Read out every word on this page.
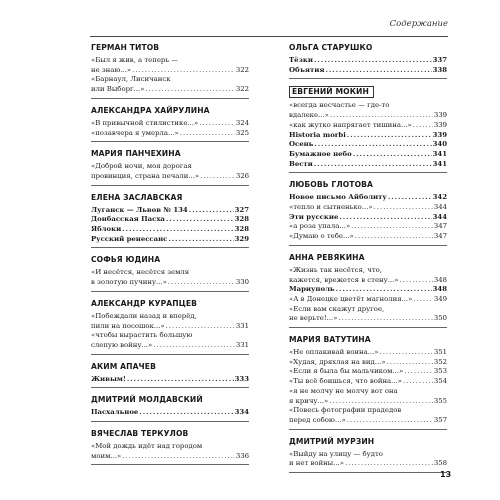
Содержание
ГЕРМАН ТИТОВ
«Был я жив, а теперь —
не знаю...» .....	322
«Барнаул, Лисичанск
или Выборг...» .....	322
АЛЕКСАНДРА ХАЙРУЛИНА
«В привычной стилистике...» .....	324
«позавчера я умерла...» .....	325
МАРИЯ ПАНЧЕХИНА
«Доброй ночи, моя дорогая
провинция, страна печали...» .....	326
ЕЛЕНА ЗАСЛАВСКАЯ
Луганск — Львов № 134 .....	327
Донбасская Пасха .....	328
Яблоки .....	328
Русский ренессанс .....	329
СОФЬЯ ЮДИНА
«И несётся, несётся земля
в золотую пучину...» .....	330
АЛЕКСАНДР КУРАПЦЕВ
«Побеждали назад и вперёд,
пили на посошок...» .....	331
«чтобы вырастить большую
слепую войну...» .....	331
АКИМ АПАЧЕВ
Живым! .....	333
ДМИТРИЙ МОЛДАВСКИЙ
Пасхальное .....	334
ВЯЧЕСЛАВ ТЕРКУЛОВ
«Мой дождь идёт над городом
моим...» .....	336
ОЛЬГА СТАРУШКО
Тёзки .....	337
Объятия .....	338
ЕВГЕНИЙ МОКИН
«всегда несчастье — где-то
вдалеке...» .....	339
«как жутко напрягает тишина...» .....	339
Historia morbi .....	339
Осень .....	340
Бумажное небо .....	341
Вести .....	341
ЛЮБОВЬ ГЛОТОВА
Новое письмо Айболиту .....	342
«тепло и сытненько...» .....	344
Эти русские .....	344
«а роза упала...» .....	347
«Думаю о тебе...» .....	347
АННА РЕВЯКИНА
«Жизнь так несётся, что,
кажется, врежется в стену...» .....	348
Мариуполь .....	348
«А в Донецке цветёт магнолия...» .....	349
«Если вам скажут другое,
не верьте!...» .....	350
МАРИЯ ВАТУТИНА
«Не оплакивай воина...» .....	351
«Худая, дряхлая на вид...» .....	352
«Если я была бы мальчиком...» .....	353
«Ты всё боишься, что война...» .....	354
«я не молчу не молчу вот она
я кричу...» .....	355
«Повесь фотографии прадедов
перед собою...» .....	357
ДМИТРИЙ МУРЗИН
«Выйду на улицу — будто
и нет войны...» .....	358
13
